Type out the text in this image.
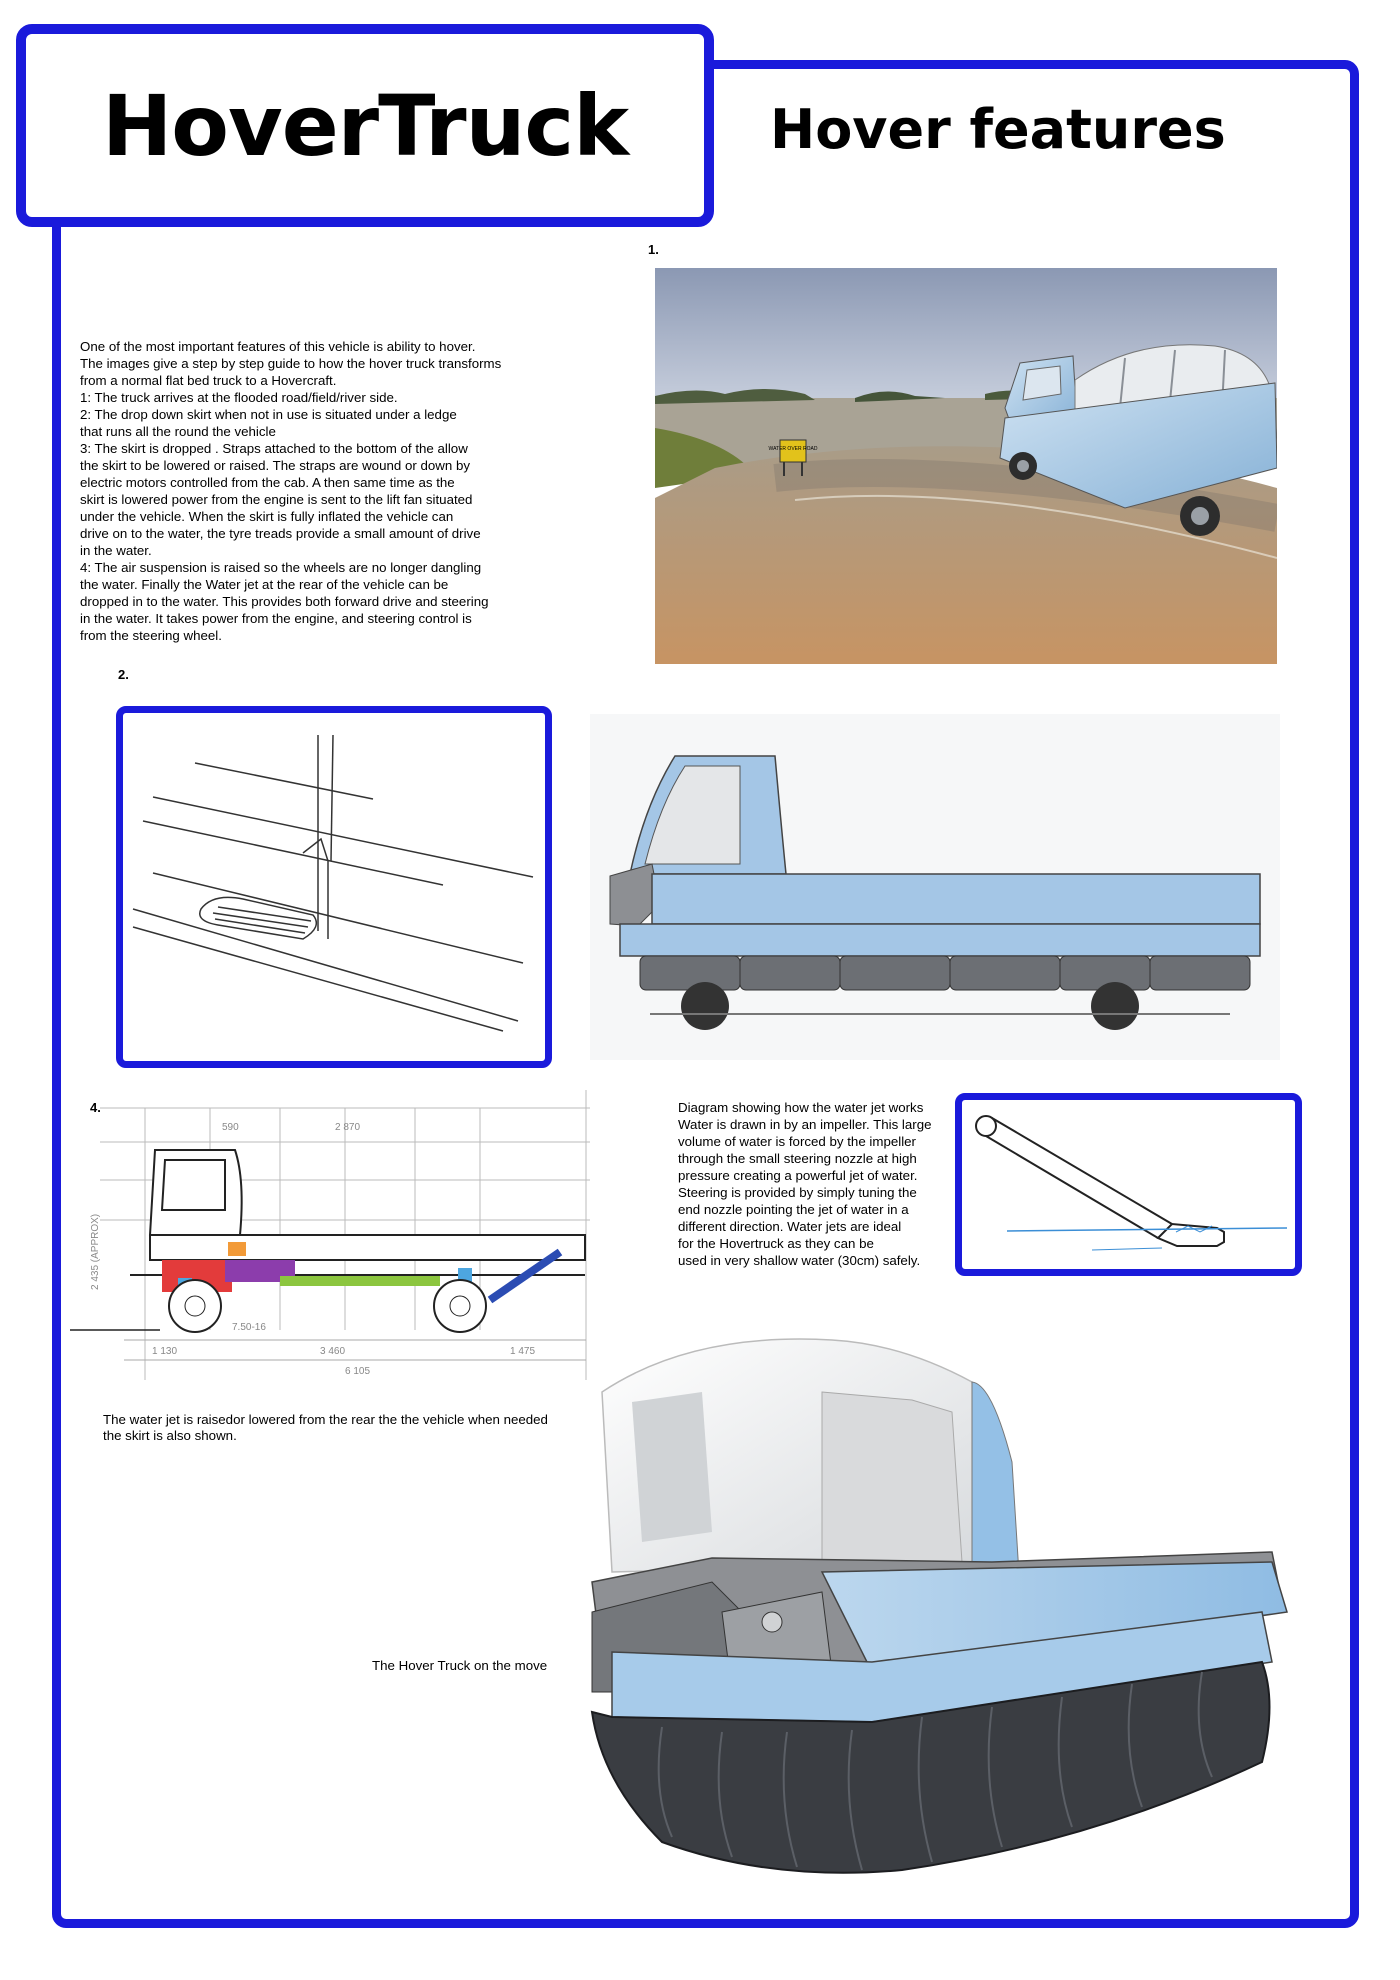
HoverTruck	Hover features
One of the most important features of this vehicle is ability to hover.
The images give a step by step guide to how the hover truck transforms
from a normal flat bed truck to a Hovercraft.
1: The truck arrives at the flooded road/field/river side.
2: The drop down skirt when not in use is situated under a ledge
that runs all the round the vehicle
3: The skirt is dropped . Straps attached to the bottom of the allow
the skirt to be lowered or raised. The straps are wound or down by
electric motors controlled from the cab. A then same time as the
skirt is lowered power from the engine is sent to the lift fan situated
under the vehicle. When the skirt is fully inflated the vehicle can
drive on to the water, the tyre treads provide a small amount of drive
in the water.
4: The air suspension is raised so the wheels are no longer dangling
the water. Finally the Water jet at the rear of the vehicle can be
dropped in to the water. This provides both forward drive and steering
in the water. It takes power from the engine, and steering control is
from the steering wheel.
1.
WATER OVER ROAD
2.
4.
590	2 870
2 435 (APPROX)
7.50-16
1 130	3 460	1 475
6 105
The water jet is raisedor lowered from the rear the the vehicle when needed
the skirt is also shown.
Diagram showing how the water jet works
Water is drawn in by an impeller. This large
volume of water is forced by the impeller
through the small steering nozzle at high
pressure creating a powerful jet of water.
Steering is provided by simply tuning the
end nozzle pointing the jet of water in a
different direction. Water jets are ideal
for the Hovertruck as they can be
used in very shallow water (30cm) safely.
The Hover Truck on the move
